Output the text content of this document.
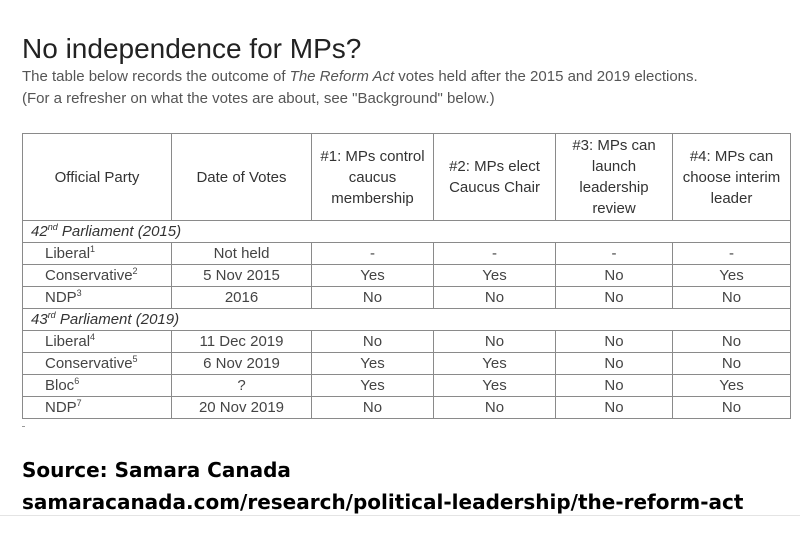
No independence for MPs?
The table below records the outcome of The Reform Act votes held after the 2015 and 2019 elections.
(For a refresher on what the votes are about, see "Background" below.)
Official Party	Date of Votes	#1: MPs control caucus membership	#2: MPs elect Caucus Chair	#3: MPs can launch leadership review	#4: MPs can choose interim leader
42nd Parliament (2015)					
Liberal$^1$	Not held	-	-	-	-
Conservative$^2$	5 Nov 2015	Yes	Yes	No	Yes
NDP$^3$	2016	No	No	No	No
43rd Parliament (2019)					
Liberal$^4$	11 Dec 2019	No	No	No	No
Conservative$^5$	6 Nov 2019	Yes	Yes	No	No
Bloc$^6$	?	Yes	Yes	No	Yes
NDP$^7$	20 Nov 2019	No	No	No	No
Source: Samara Canada
samaracanada.com/research/political-leadership/the-reform-act
